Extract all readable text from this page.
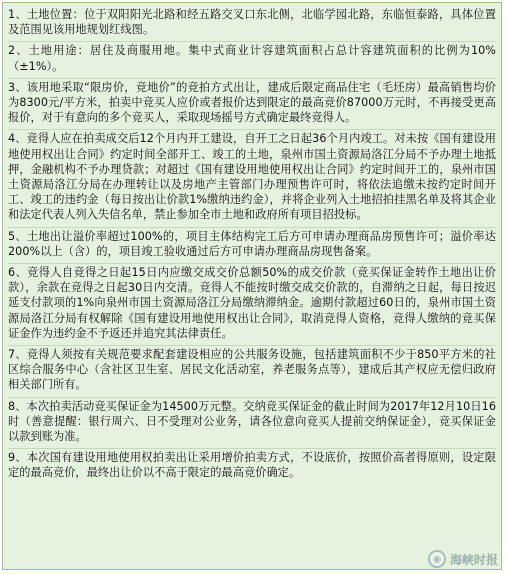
1、土地位置：位于双阳阳光北路和经五路交叉口东北侧，北临学园北路，东临恒泰路，具体位置及范围见该用地规划红线图。
2、土地用途：居住及商服用地。集中式商业计容建筑面积占总计容建筑面积的比例为10%（±1%）。
3、该用地采取“限房价，竞地价”的竞拍方式出让，建成后限定商品住宅（毛坯房）最高销售均价为8300元/平方米，拍卖中竞买人应价或者报价达到限定的最高竞价87000万元时，不再接受更高报价，对于有意向的多个竞买人，采取现场摇号方式确定最终竞得人。
4、竞得人应在拍卖成交后12个月内开工建设，自开工之日起36个月内竣工。对未按《国有建设用地使用权出让合同》约定时间全部开工、竣工的土地，泉州市国土资源局洛江分局不予办理土地抵押，金融机构不予办理贷款；对超过《国有建设用地使用权出让合同》约定时间开工的，泉州市国土资源局洛江分局在办理转让以及房地产主管部门办理预售许可时，将依法追缴未按约定时间开工、竣工的违约金（每日按出让价款1%缴纳违约金），并将企业列入土地招拍挂黑名单及将其企业和法定代表人列入失信名单，禁止参加全市土地和政府所有项目招投标。
5、土地出让溢价率超过100%的，项目主体结构完工后方可申请办理商品房预售许可；溢价率达200%以上（含）的，项目竣工验收通过后方可申请办理商品房现售备案。
6、竞得人自竞得之日起15日内应缴交成交价总额50%的成交价款（竞买保证金转作土地出让价款），余款在竞得之日起30日内交清。竞得人不能按时缴交成交价款的，自滞纳之日起，每日按迟延支付款项的1%向泉州市国土资源局洛江分局缴纳滞纳金。逾期付款超过60日的，泉州市国土资源局洛江分局有权解除《国有建设用地使用权出让合同》，取消竞得人资格，竞得人缴纳的竞买保证金作为违约金不予返还并追究其法律责任。
7、竞得人须按有关规范要求配套建设相应的公共服务设施，包括建筑面积不少于850平方米的社区综合服务中心（含社区卫生室、居民文化活动室，养老服务点等），建成后其产权应无偿归政府相关部门所有。
8、本次拍卖活动竞买保证金为14500万元整。交纳竞买保证金的截止时间为2017年12月10日16时（善意提醒：银行周六、日不受理对公业务，请各位意向竞买人提前交纳保证金），竞买保证金以款到账为准。
9、本次国有建设用地使用权拍卖出让采用增价拍卖方式，不设底价，按照价高者得原则，设定限定的最高竞价，最终出让价以不高于限定的最高竞价确定。
◉ 海峡时报
